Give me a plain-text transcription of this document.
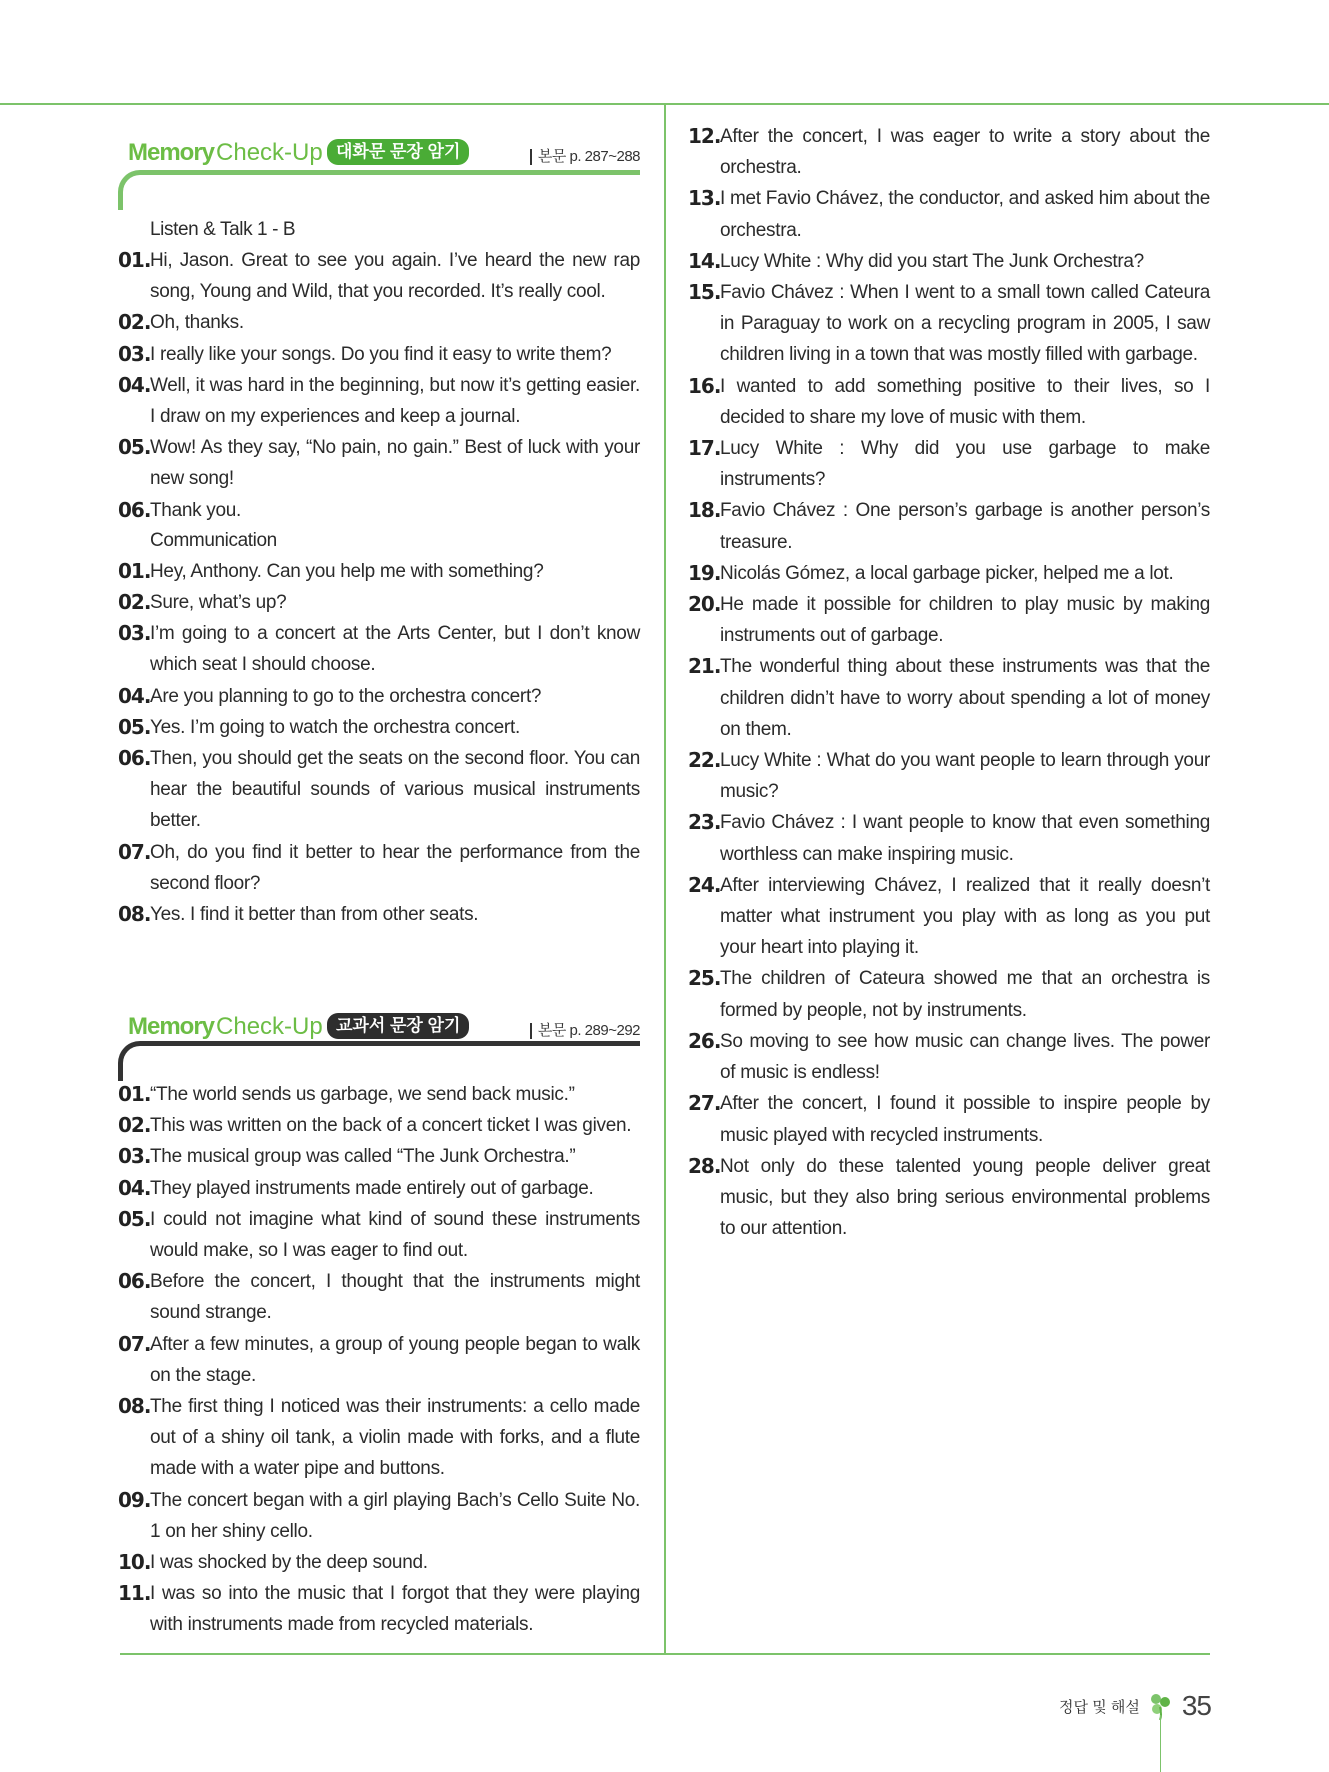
MemoryCheck-Up 대화문 문장 암기	본문 p. 287~288
Listen & Talk 1 - B
01. Hi, Jason. Great to see you again. I’ve heard the new rap song, Young and Wild, that you recorded. It’s really cool.
02. Oh, thanks.
03. I really like your songs. Do you find it easy to write them?
04. Well, it was hard in the beginning, but now it’s getting easier. I draw on my experiences and keep a journal.
05. Wow! As they say, “No pain, no gain.” Best of luck with your new song!
06. Thank you.
Communication
01. Hey, Anthony. Can you help me with something?
02. Sure, what’s up?
03. I’m going to a concert at the Arts Center, but I don’t know which seat I should choose.
04. Are you planning to go to the orchestra concert?
05. Yes. I’m going to watch the orchestra concert.
06. Then, you should get the seats on the second floor. You can hear the beautiful sounds of various musical instruments better.
07. Oh, do you find it better to hear the performance from the second floor?
08. Yes. I find it better than from other seats.
MemoryCheck-Up 교과서 문장 암기	본문 p. 289~292
01. “The world sends us garbage, we send back music.”
02. This was written on the back of a concert ticket I was given.
03. The musical group was called “The Junk Orchestra.”
04. They played instruments made entirely out of garbage.
05. I could not imagine what kind of sound these instruments would make, so I was eager to find out.
06. Before the concert, I thought that the instruments might sound strange.
07. After a few minutes, a group of young people began to walk on the stage.
08. The first thing I noticed was their instruments: a cello made out of a shiny oil tank, a violin made with forks, and a flute made with a water pipe and buttons.
09. The concert began with a girl playing Bach’s Cello Suite No. 1 on her shiny cello.
10. I was shocked by the deep sound.
11. I was so into the music that I forgot that they were playing with instruments made from recycled materials.
12. After the concert, I was eager to write a story about the orchestra.
13. I met Favio Chávez, the conductor, and asked him about the orchestra.
14. Lucy White : Why did you start The Junk Orchestra?
15. Favio Chávez : When I went to a small town called Cateura in Paraguay to work on a recycling program in 2005, I saw children living in a town that was mostly filled with garbage.
16. I wanted to add something positive to their lives, so I decided to share my love of music with them.
17. Lucy White : Why did you use garbage to make instruments?
18. Favio Chávez : One person’s garbage is another person’s treasure.
19. Nicolás Gómez, a local garbage picker, helped me a lot.
20. He made it possible for children to play music by making instruments out of garbage.
21. The wonderful thing about these instruments was that the children didn’t have to worry about spending a lot of money on them.
22. Lucy White : What do you want people to learn through your music?
23. Favio Chávez : I want people to know that even something worthless can make inspiring music.
24. After interviewing Chávez, I realized that it really doesn’t matter what instrument you play with as long as you put your heart into playing it.
25. The children of Cateura showed me that an orchestra is formed by people, not by instruments.
26. So moving to see how music can change lives. The power of music is endless!
27. After the concert, I found it possible to inspire people by music played with recycled instruments.
28. Not only do these talented young people deliver great music, but they also bring serious environmental problems to our attention.
정답 및 해설 35
